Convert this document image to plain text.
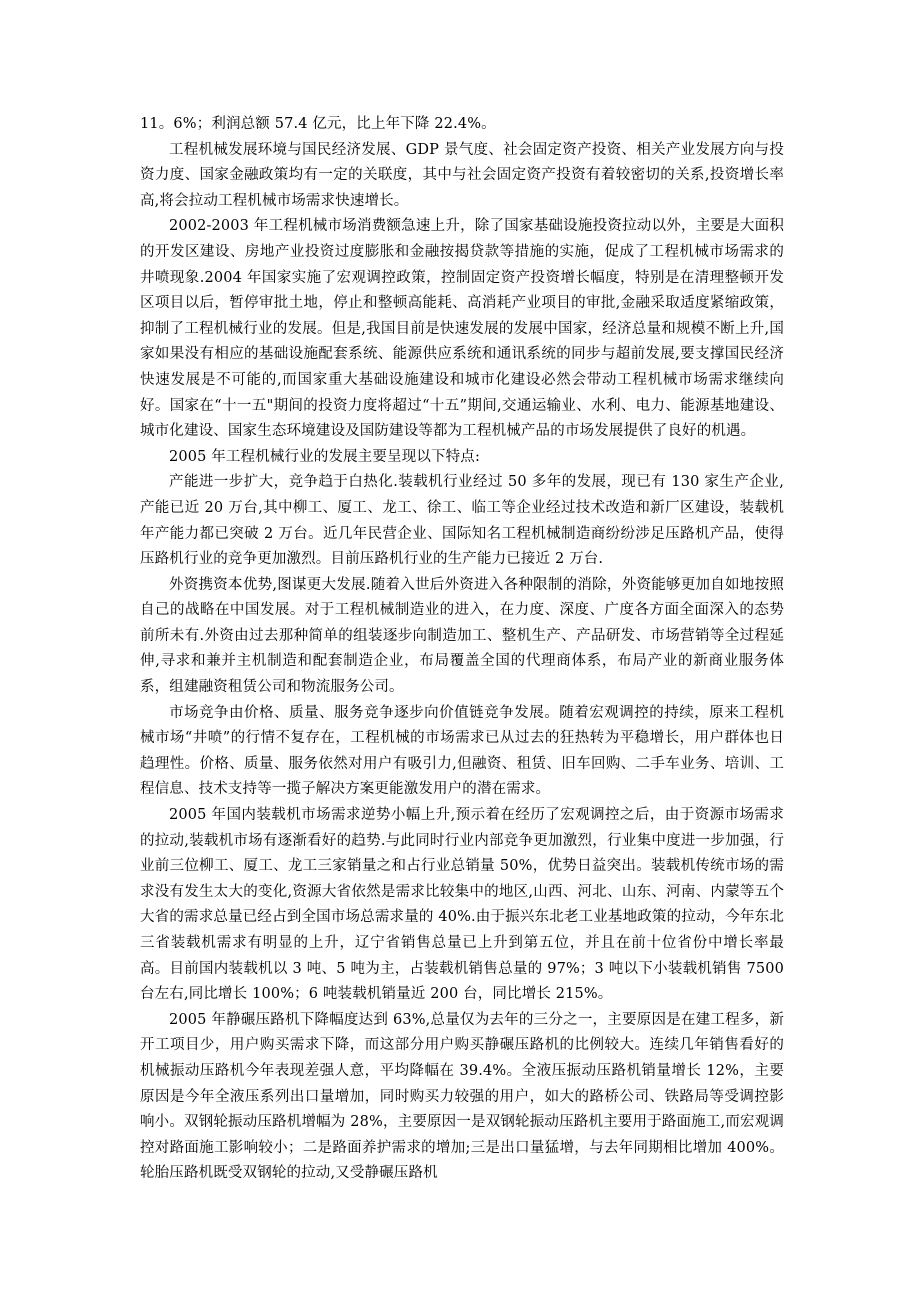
11。6%；利润总额 57.4 亿元，比上年下降 22.4%。

工程机械发展环境与国民经济发展、GDP 景气度、社会固定资产投资、相关产业发展方向与投资力度、国家金融政策均有一定的关联度，其中与社会固定资产投资有着较密切的关系,投资增长率高,将会拉动工程机械市场需求快速增长。

2002-2003 年工程机械市场消费额急速上升，除了国家基础设施投资拉动以外，主要是大面积的开发区建设、房地产业投资过度膨胀和金融按揭贷款等措施的实施，促成了工程机械市场需求的井喷现象.2004 年国家实施了宏观调控政策，控制固定资产投资增长幅度，特别是在清理整顿开发区项目以后，暂停审批土地，停止和整顿高能耗、高消耗产业项目的审批,金融采取适度紧缩政策，抑制了工程机械行业的发展。但是,我国目前是快速发展的发展中国家，经济总量和规模不断上升,国家如果没有相应的基础设施配套系统、能源供应系统和通讯系统的同步与超前发展,要支撑国民经济快速发展是不可能的,而国家重大基础设施建设和城市化建设必然会带动工程机械市场需求继续向好。国家在“十一五"期间的投资力度将超过“十五”期间,交通运输业、水利、电力、能源基地建设、城市化建设、国家生态环境建设及国防建设等都为工程机械产品的市场发展提供了良好的机遇。

2005 年工程机械行业的发展主要呈现以下特点:

产能进一步扩大，竞争趋于白热化.装载机行业经过 50 多年的发展，现已有 130 家生产企业,产能已近 20 万台,其中柳工、厦工、龙工、徐工、临工等企业经过技术改造和新厂区建设，装载机年产能力都已突破 2 万台。近几年民营企业、国际知名工程机械制造商纷纷涉足压路机产品，使得压路机行业的竞争更加激烈。目前压路机行业的生产能力已接近 2 万台.

外资携资本优势,图谋更大发展.随着入世后外资进入各种限制的消除，外资能够更加自如地按照自己的战略在中国发展。对于工程机械制造业的进入，在力度、深度、广度各方面全面深入的态势前所未有.外资由过去那种简单的组装逐步向制造加工、整机生产、产品研发、市场营销等全过程延伸,寻求和兼并主机制造和配套制造企业，布局覆盖全国的代理商体系，布局产业的新商业服务体系，组建融资租赁公司和物流服务公司。

市场竞争由价格、质量、服务竞争逐步向价值链竞争发展。随着宏观调控的持续，原来工程机械市场“井喷”的行情不复存在，工程机械的市场需求已从过去的狂热转为平稳增长，用户群体也日趋理性。价格、质量、服务依然对用户有吸引力,但融资、租赁、旧车回购、二手车业务、培训、工程信息、技术支持等一揽子解决方案更能激发用户的潜在需求。

2005 年国内装载机市场需求逆势小幅上升,预示着在经历了宏观调控之后，由于资源市场需求的拉动,装载机市场有逐渐看好的趋势.与此同时行业内部竞争更加激烈，行业集中度进一步加强，行业前三位柳工、厦工、龙工三家销量之和占行业总销量 50%，优势日益突出。装载机传统市场的需求没有发生太大的变化,资源大省依然是需求比较集中的地区,山西、河北、山东、河南、内蒙等五个大省的需求总量已经占到全国市场总需求量的 40%.由于振兴东北老工业基地政策的拉动，今年东北三省装载机需求有明显的上升，辽宁省销售总量已上升到第五位，并且在前十位省份中增长率最高。目前国内装载机以 3 吨、5 吨为主，占装载机销售总量的 97%；3 吨以下小装载机销售 7500 台左右,同比增长 100%；6 吨装载机销量近 200 台，同比增长 215%。

2005 年静碾压路机下降幅度达到 63%,总量仅为去年的三分之一，主要原因是在建工程多，新开工项目少，用户购买需求下降，而这部分用户购买静碾压路机的比例较大。连续几年销售看好的机械振动压路机今年表现差强人意，平均降幅在 39.4%。全液压振动压路机销量增长 12%，主要原因是今年全液压系列出口量增加，同时购买力较强的用户，如大的路桥公司、铁路局等受调控影响小。双钢轮振动压路机增幅为 28%，主要原因一是双钢轮振动压路机主要用于路面施工,而宏观调控对路面施工影响较小；二是路面养护需求的增加;三是出口量猛增，与去年同期相比增加 400%。轮胎压路机既受双钢轮的拉动,又受静碾压路机
